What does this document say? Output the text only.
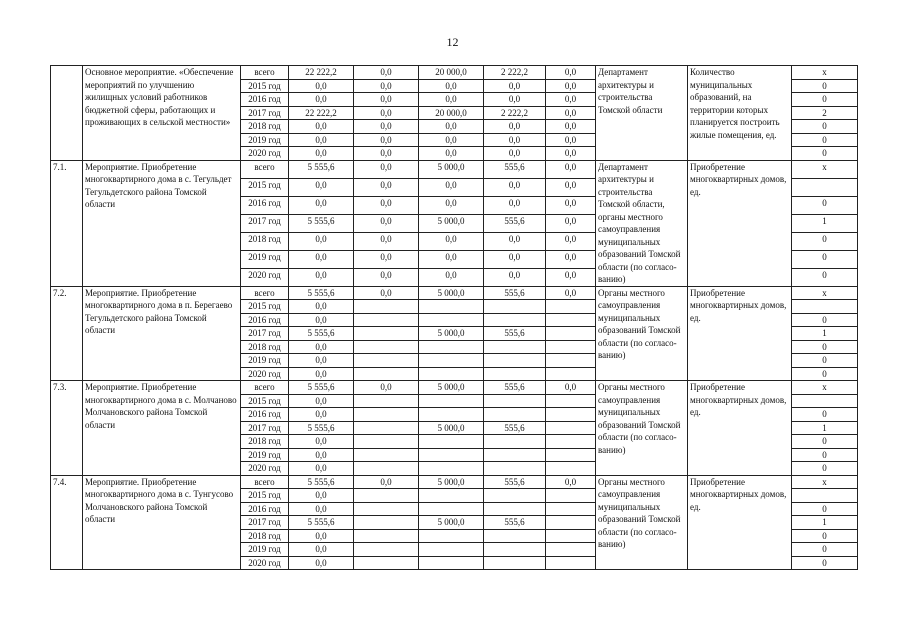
12
	Основное мероприятие. «Обеспечение мероприятий по улучшению жилищных условий работников бюджетной сферы, работающих и проживающих в сельской местности»	всего	22 222,2	0,0	20 000,0	2 222,2	0,0	Департамент архитектуры и строительства Томской области	Количество муниципальных образований, на территории которых планируется построить жилые помещения, ед.	x
		2015 год	0,0	0,0	0,0	0,0	0,0			0
		2016 год	0,0	0,0	0,0	0,0	0,0			0
		2017 год	22 222,2	0,0	20 000,0	2 222,2	0,0			2
		2018 год	0,0	0,0	0,0	0,0	0,0			0
		2019 год	0,0	0,0	0,0	0,0	0,0			0
		2020 год	0,0	0,0	0,0	0,0	0,0			0
7.1.	Мероприятие. Приобретение многоквартирного дома в с. Тегульдет Тегульдетского района Томской области	всего	5 555,6	0,0	5 000,0	555,6	0,0	Департамент архитектуры и строительства Томской области, органы местного самоуправления муниципальных образований Томской области (по согласо-ванию)	Приобретение многоквартирных домов, ед.	x
		2015 год	0,0	0,0	0,0	0,0	0,0			
		2016 год	0,0	0,0	0,0	0,0	0,0			0
		2017 год	5 555,6	0,0	5 000,0	555,6	0,0			1
		2018 год	0,0	0,0	0,0	0,0	0,0			0
		2019 год	0,0	0,0	0,0	0,0	0,0			0
		2020 год	0,0	0,0	0,0	0,0	0,0			0
7.2.	Мероприятие. Приобретение многоквартирного дома в п. Берегаево Тегульдетского района Томской области	всего	5 555,6	0,0	5 000,0	555,6	0,0	Органы местного самоуправления муниципальных образований Томской области (по согласо-ванию)	Приобретение многоквартирных домов, ед.	x
		2015 год	0,0							
		2016 год	0,0							0
		2017 год	5 555,6		5 000,0	555,6				1
		2018 год	0,0							0
		2019 год	0,0							0
		2020 год	0,0							0
7.3.	Мероприятие. Приобретение многоквартирного дома в с. Молчаново Молчановского района Томской области	всего	5 555,6	0,0	5 000,0	555,6	0,0	Органы местного самоуправления муниципальных образований Томской области (по согласо-ванию)	Приобретение многоквартирных домов, ед.	x
		2015 год	0,0							
		2016 год	0,0							0
		2017 год	5 555,6		5 000,0	555,6				1
		2018 год	0,0							0
		2019 год	0,0							0
		2020 год	0,0							0
7.4.	Мероприятие. Приобретение многоквартирного дома в с. Тунгусово Молчановского района Томской области	всего	5 555,6	0,0	5 000,0	555,6	0,0	Органы местного самоуправления муниципальных образований Томской области (по согласо-ванию)	Приобретение многоквартирных домов, ед.	x
		2015 год	0,0							
		2016 год	0,0							0
		2017 год	5 555,6		5 000,0	555,6				1
		2018 год	0,0							0
		2019 год	0,0							0
		2020 год	0,0							0
